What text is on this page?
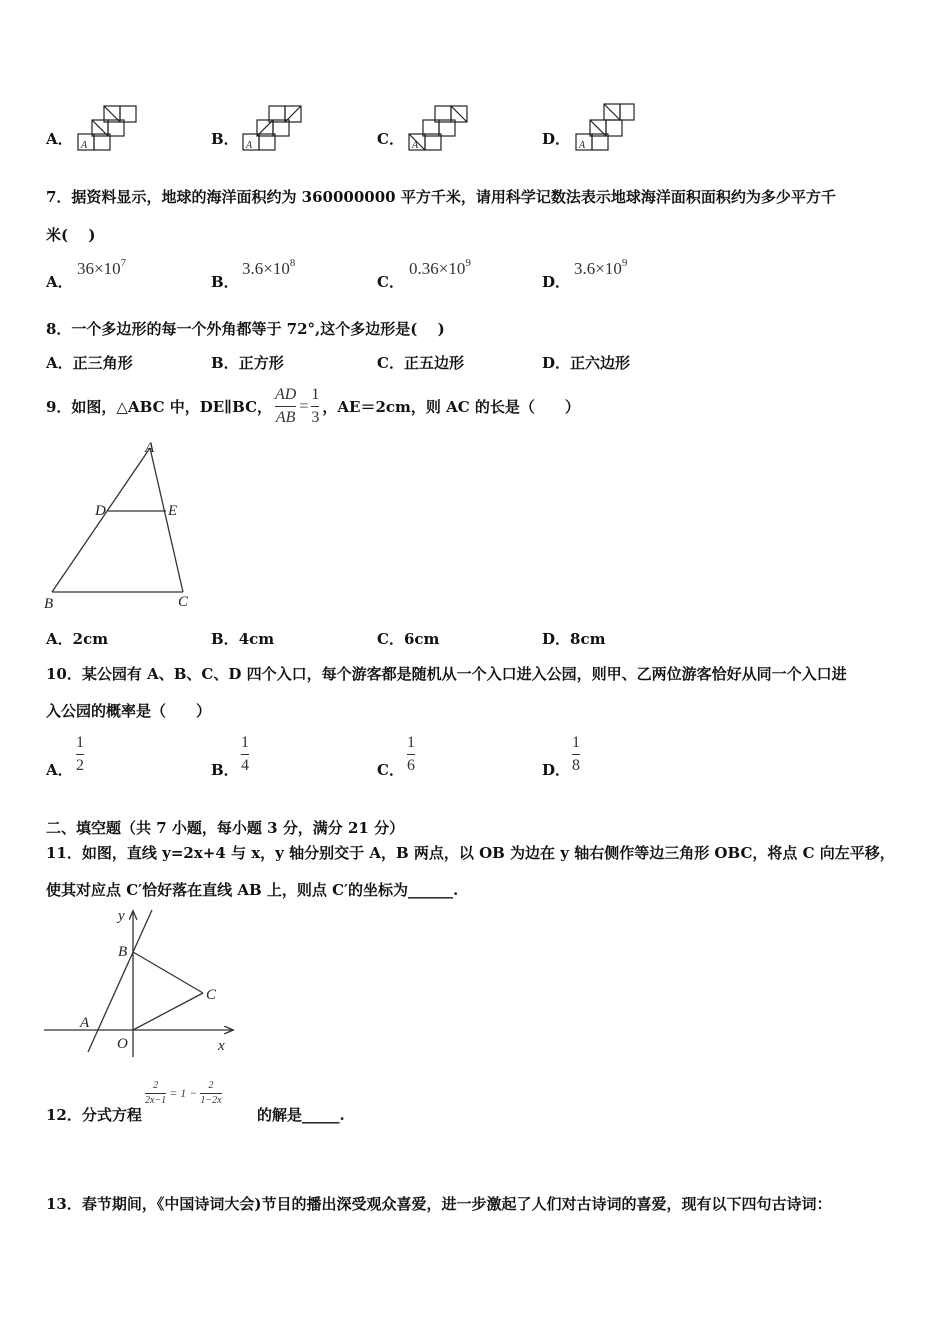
A． A	B． A	C． A	D． A
7．据资料显示，地球的海洋面积约为 360000000 平方千米，请用科学记数法表示地球海洋面积面积约为多少平方千
米(　 )
A．
$36\times 10^7$
B．
$3.6\times 10^8$
C．
$0.36\times 10^9$
D．
$3.6\times 10^9$
8．一个多边形的每一个外角都等于 72°,这个多边形是(　 )
A．正三角形	B．正方形	C．正五边形	D．正六边形
9．如图，△ABC 中，DE∥BC， $\frac{AD}{AB} = \frac{1}{3}$ ，AE＝2cm，则 AC 的长是（　　）
A
D	E
B	C
A．2cm	B．4cm	C．6cm	D．8cm
10．某公园有 A、B、C、D 四个入口，每个游客都是随机从一个入口进入公园，则甲、乙两位游客恰好从同一个入口进
入公园的概率是（　　）
A．
1
2	B．
1
4	C．
1
6	D．
1
8
二、填空题（共 7 小题，每小题 3 分，满分 21 分）
11．如图，直线 y=2x+4 与 x，y 轴分别交于 A，B 两点，以 OB 为边在 y 轴右侧作等边三角形 OBC，将点 C 向左平移，
使其对应点 C′恰好落在直线 AB 上，则点 C′的坐标为______.
y
x
B
C
A
O
12．分式方程
$\frac{2}{2x-1} = 1 - \frac{2}{1-2x}$
的解是_____.
13．春节期间，《中国诗词大会)节目的播出深受观众喜爱，进一步激起了人们对古诗词的喜爱，现有以下四句古诗词：
